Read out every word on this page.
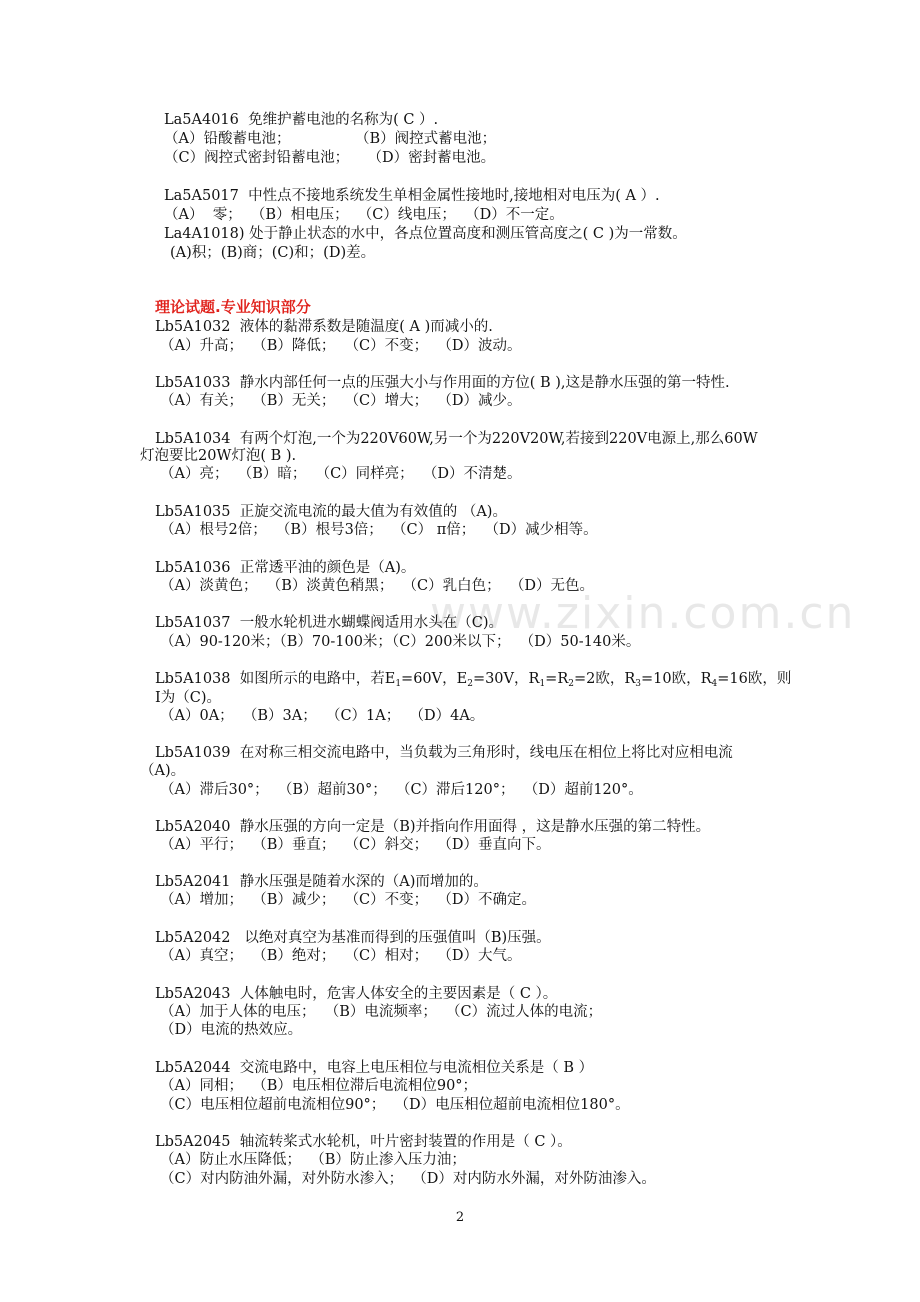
www.zixin.com.cn
La5A4016  免维护蓄电池的名称为( C ）.
（A）铅酸蓄电池；              （B）阀控式蓄电池；
（C）阀控式密封铅蓄电池；    （D）密封蓄电池。
La5A5017  中性点不接地系统发生单相金属性接地时,接地相对电压为( A ）.
（A）  零；  （B）相电压；  （C）线电压；  （D）不一定。
La4A1018) 处于静止状态的水中，各点位置高度和测压管高度之( C )为一常数。
(A)积；(B)商；(C)和；(D)差。
Lb5A1032  液体的黏滞系数是随温度( A )而减小的.
（A）升高；  （B）降低；  （C）不变；  （D）波动。
Lb5A1033  静水内部任何一点的压强大小与作用面的方位( B ),这是静水压强的第一特性.
（A）有关；  （B）无关；  （C）增大；  （D）减少。
Lb5A1034  有两个灯泡,一个为220V60W,另一个为220V20W,若接到220V电源上,那么60W
灯泡要比20W灯泡( B ).
（A）亮；  （B）暗；  （C）同样亮；  （D）不清楚。
Lb5A1035  正旋交流电流的最大值为有效值的 （A)。
（A）根号2倍；  （B）根号3倍；  （C） π倍；  （D）减少相等。
Lb5A1036  正常透平油的颜色是（A)。
（A）淡黄色；  （B）淡黄色稍黑；  （C）乳白色；  （D）无色。
Lb5A1037  一般水轮机进水蝴蝶阀适用水头在（C)。
（A）90-120米；（B）70-100米；（C）200米以下；  （D）50-140米。
I为（C)。
（A）0A；  （B）3A；  （C）1A；  （D）4A。
Lb5A1039  在对称三相交流电路中，当负载为三角形时，线电压在相位上将比对应相电流
（A)。
（A）滞后30°；  （B）超前30°；  （C）滞后120°；  （D）超前120°。
Lb5A2040  静水压强的方向一定是（B)并指向作用面得 ，这是静水压强的第二特性。
（A）平行；  （B）垂直；  （C）斜交；  （D）垂直向下。
Lb5A2041  静水压强是随着水深的（A)而增加的。
（A）增加；  （B）减少；  （C）不变；  （D）不确定。
Lb5A2042   以绝对真空为基准而得到的压强值叫（B)压强。
（A）真空；  （B）绝对；  （C）相对；  （D）大气。
Lb5A2043  人体触电时，危害人体安全的主要因素是（ C ）。
（A）加于人体的电压；  （B）电流频率；  （C）流过人体的电流；
（D）电流的热效应。
Lb5A2044  交流电路中，电容上电压相位与电流相位关系是（ B ）
（A）同相；  （B）电压相位滞后电流相位90°；
（C）电压相位超前电流相位90°；  （D）电压相位超前电流相位180°。
Lb5A2045  轴流转桨式水轮机，叶片密封装置的作用是（ C ）。
（A）防止水压降低；  （B）防止渗入压力油；
（C）对内防油外漏，对外防水渗入；  （D）对内防水外漏，对外防油渗入。
理论试题.专业知识部分
Lb5A1038  如图所示的电路中，若$E_1=60V$，$E_2=30V$，$R_1=R_2=2$欧，$R_3=10$欧，$R_4=16$欧，则
2
